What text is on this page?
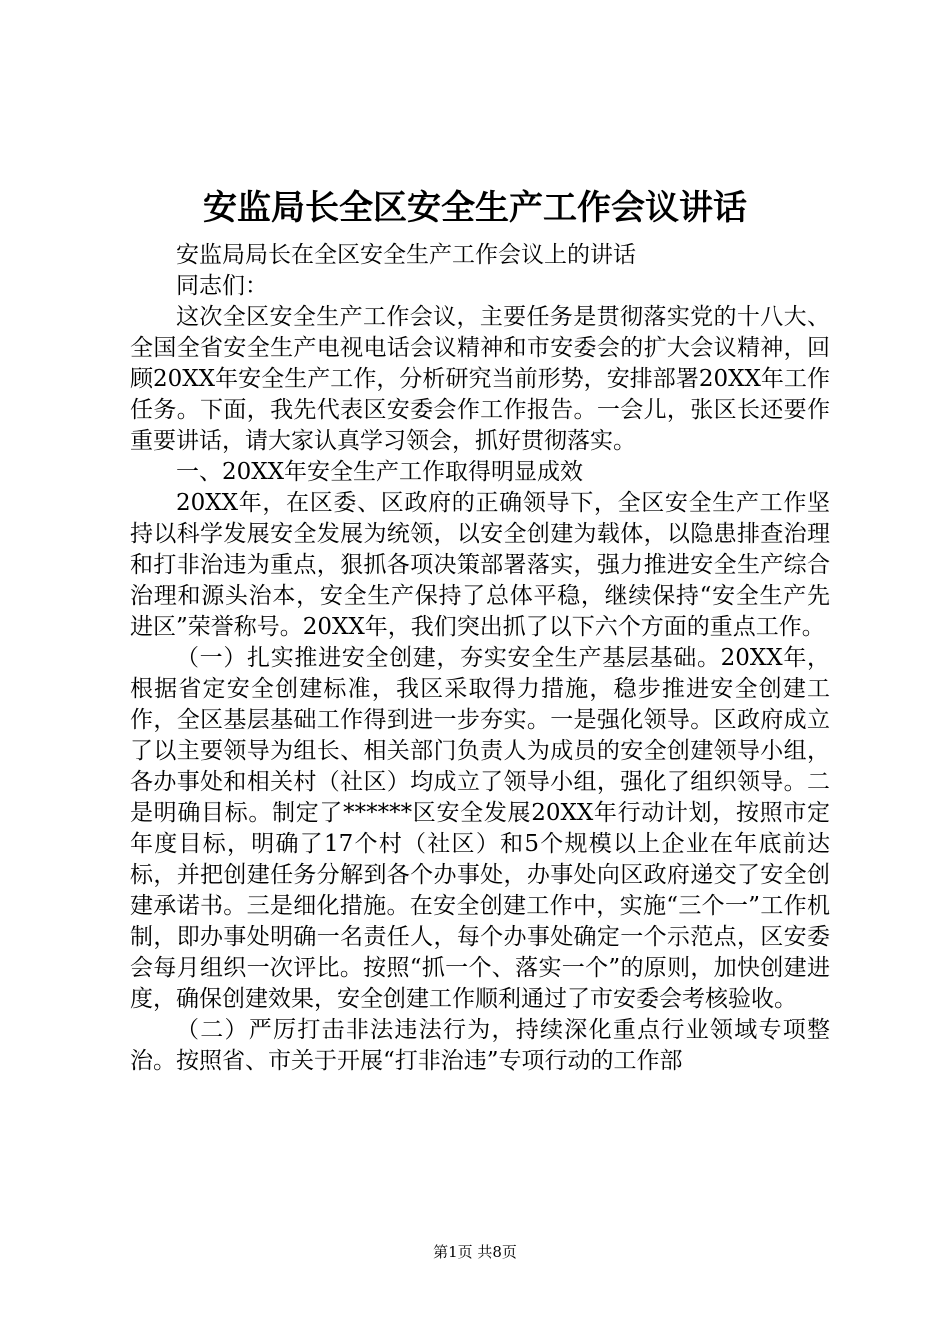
安监局长全区安全生产工作会议讲话

安监局局长在全区安全生产工作会议上的讲话

同志们：

这次全区安全生产工作会议，主要任务是贯彻落实党的十八大、全国全省安全生产电视电话会议精神和市安委会的扩大会议精神，回顾20XX年安全生产工作，分析研究当前形势，安排部署20XX年工作任务。下面，我先代表区安委会作工作报告。一会儿，张区长还要作重要讲话，请大家认真学习领会，抓好贯彻落实。

一、20XX年安全生产工作取得明显成效

20XX年，在区委、区政府的正确领导下，全区安全生产工作坚持以科学发展安全发展为统领，以安全创建为载体，以隐患排查治理和打非治违为重点，狠抓各项决策部署落实，强力推进安全生产综合治理和源头治本，安全生产保持了总体平稳，继续保持“安全生产先进区”荣誉称号。20XX年，我们突出抓了以下六个方面的重点工作。

（一）扎实推进安全创建，夯实安全生产基层基础。20XX年，根据省定安全创建标准，我区采取得力措施，稳步推进安全创建工作，全区基层基础工作得到进一步夯实。一是强化领导。区政府成立了以主要领导为组长、相关部门负责人为成员的安全创建领导小组，各办事处和相关村（社区）均成立了领导小组，强化了组织领导。二是明确目标。制定了******区安全发展20XX年行动计划，按照市定年度目标，明确了17个村（社区）和5个规模以上企业在年底前达标，并把创建任务分解到各个办事处，办事处向区政府递交了安全创建承诺书。三是细化措施。在安全创建工作中，实施“三个一”工作机制，即办事处明确一名责任人，每个办事处确定一个示范点，区安委会每月组织一次评比。按照“抓一个、落实一个”的原则，加快创建进度，确保创建效果，安全创建工作顺利通过了市安委会考核验收。

（二）严厉打击非法违法行为，持续深化重点行业领域专项整治。按照省、市关于开展“打非治违”专项行动的工作部

第1页 共8页
